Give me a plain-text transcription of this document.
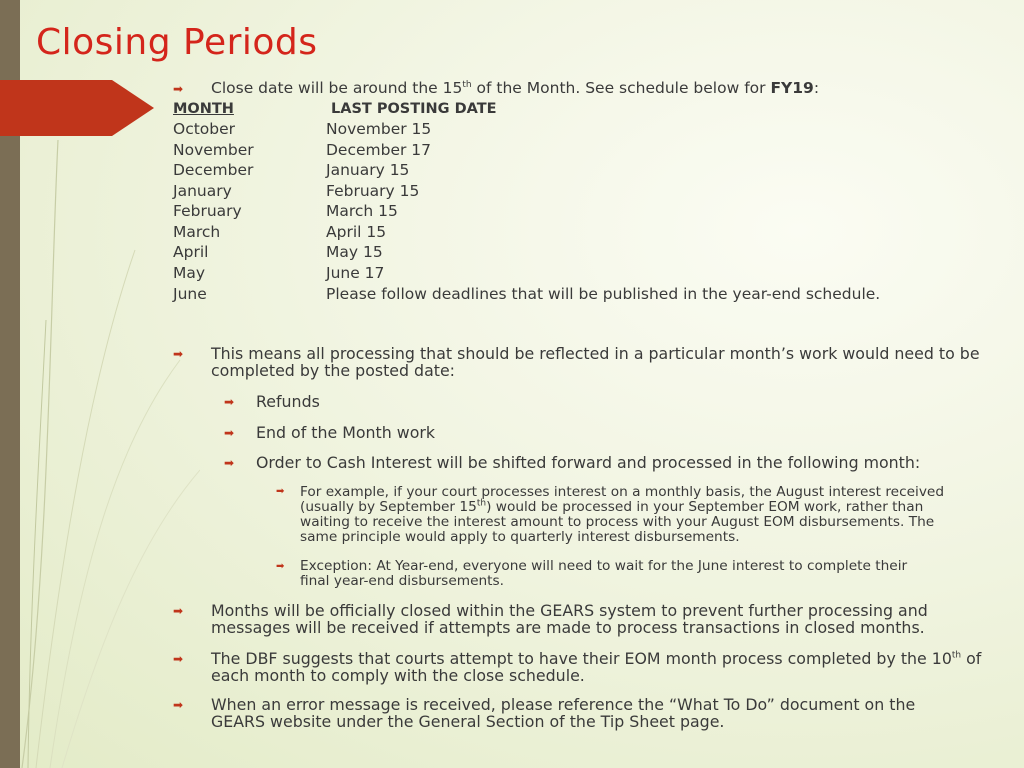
Closing Periods
➡ Close date will be around the 15th of the Month. See schedule below for FY19:
MONTH	LAST POSTING DATE
October	November 15
November	December 17
December	January 15
January	February 15
February	March 15
March	April 15
April	May 15
May	June 17
June	Please follow deadlines that will be published in the year-end schedule.
➡ This means all processing that should be reflected in a particular month’s work would need to be
completed by the posted date:
➡ Refunds
➡ End of the Month work
➡ Order to Cash Interest will be shifted forward and processed in the following month:
➡ For example, if your court processes interest on a monthly basis, the August interest received
(usually by September 15th) would be processed in your September EOM work, rather than
waiting to receive the interest amount to process with your August EOM disbursements. The
same principle would apply to quarterly interest disbursements.
➡ Exception: At Year-end, everyone will need to wait for the June interest to complete their
final year-end disbursements.
➡ Months will be officially closed within the GEARS system to prevent further processing and
messages will be received if attempts are made to process transactions in closed months.
➡ The DBF suggests that courts attempt to have their EOM month process completed by the 10th of
each month to comply with the close schedule.
➡ When an error message is received, please reference the “What To Do” document on the
GEARS website under the General Section of the Tip Sheet page.
